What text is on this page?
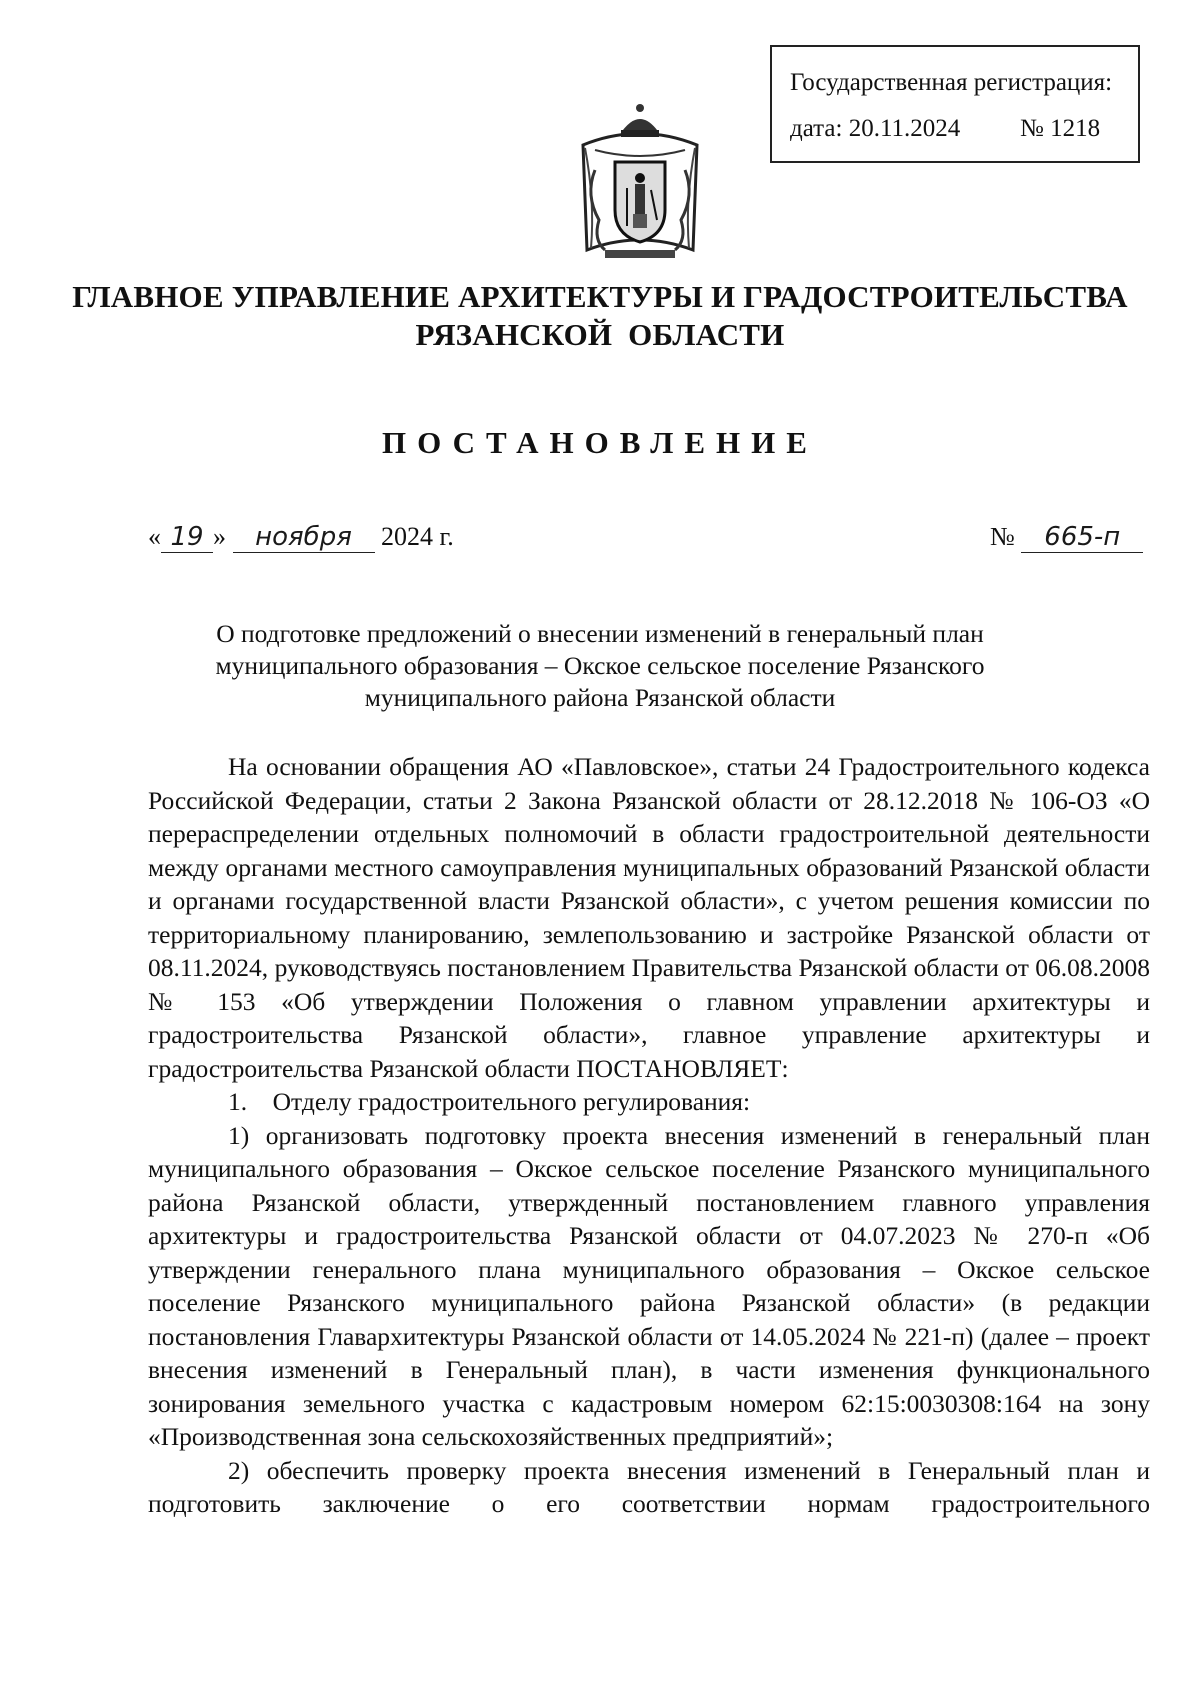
Государственная регистрация:
дата: 20.11.2024 № 1218
ГЛАВНОЕ УПРАВЛЕНИЕ АРХИТЕКТУРЫ И ГРАДОСТРОИТЕЛЬСТВА
РЯЗАНСКОЙ  ОБЛАСТИ
ПОСТАНОВЛЕНИЕ
« 19 » ноября 2024 г.	№ 665-п
О подготовке предложений о внесении изменений в генеральный план
муниципального образования – Окское сельское поселение Рязанского
муниципального района Рязанской области

На основании обращения АО «Павловское», статьи 24 Градостроительного кодекса Российской Федерации, статьи 2 Закона Рязанской области от 28.12.2018 № 106-ОЗ «О перераспределении отдельных полномочий в области градостроительной деятельности между органами местного самоуправления муниципальных образований Рязанской области и органами государственной власти Рязанской области», с учетом решения комиссии по территориальному планированию, землепользованию и застройке Рязанской области от 08.11.2024, руководствуясь постановлением Правительства Рязанской области от 06.08.2008 № 153 «Об утверждении Положения о главном управлении архитектуры и градостроительства Рязанской области», главное управление архитектуры и градостроительства Рязанской области ПОСТАНОВЛЯЕТ:

1.    Отделу градостроительного регулирования:

1) организовать подготовку проекта внесения изменений в генеральный план муниципального образования – Окское сельское поселение Рязанского муниципального района Рязанской области, утвержденный постановлением главного управления архитектуры и градостроительства Рязанской области от 04.07.2023 № 270-п «Об утверждении генерального плана муниципального образования – Окское сельское поселение Рязанского муниципального района Рязанской области» (в редакции постановления Главархитектуры Рязанской области от 14.05.2024 № 221-п) (далее – проект внесения изменений в Генеральный план), в части изменения функционального зонирования земельного участка с кадастровым номером 62:15:0030308:164 на зону «Производственная зона сельскохозяйственных предприятий»;

2) обеспечить проверку проекта внесения изменений в Генеральный план и подготовить заключение о его соответствии нормам градостроительного
